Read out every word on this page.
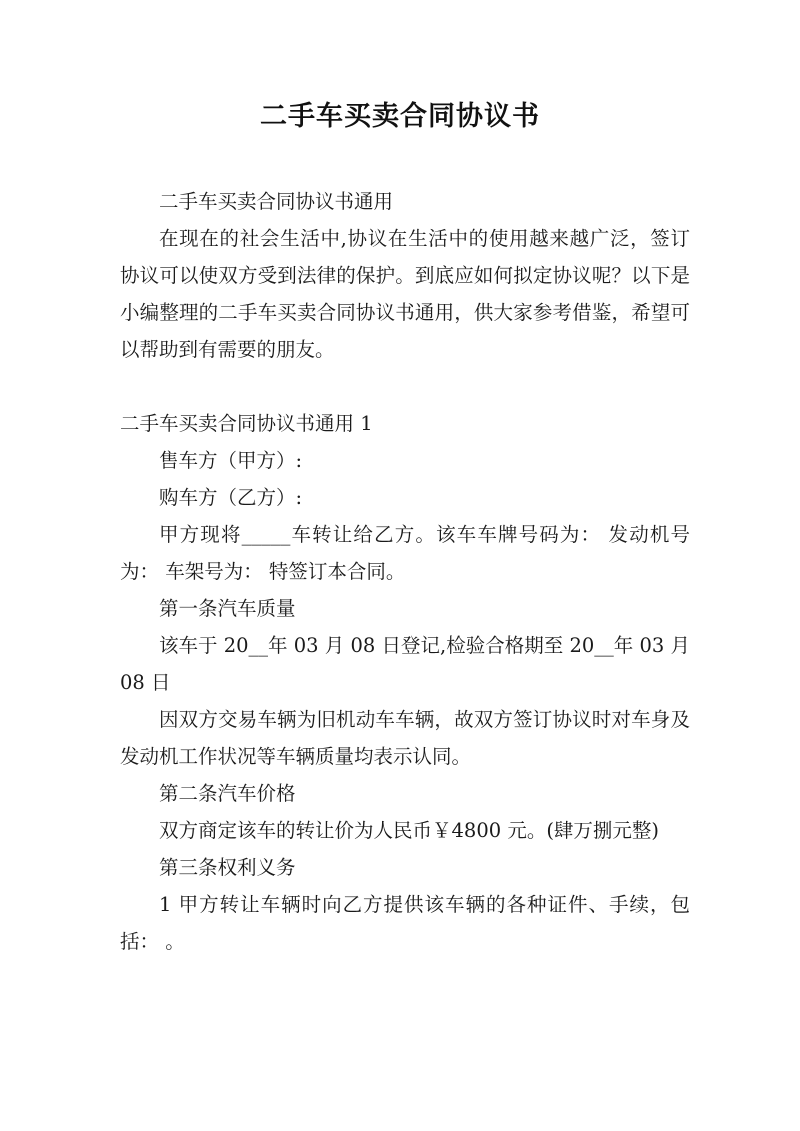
二手车买卖合同协议书

二手车买卖合同协议书通用

在现在的社会生活中,协议在生活中的使用越来越广泛，签订协议可以使双方受到法律的保护。到底应如何拟定协议呢？以下是小编整理的二手车买卖合同协议书通用，供大家参考借鉴，希望可以帮助到有需要的朋友。

二手车买卖合同协议书通用 1

售车方（甲方）:

购车方（乙方）:

甲方现将_____车转让给乙方。该车车牌号码为： 发动机号为： 车架号为： 特签订本合同。

第一条汽车质量

该车于 20__年 03 月 08 日登记,检验合格期至 20__年 03 月 08 日

因双方交易车辆为旧机动车车辆，故双方签订协议时对车身及发动机工作状况等车辆质量均表示认同。

第二条汽车价格

双方商定该车的转让价为人民币￥4800 元。(肆万捌元整)

第三条权利义务

1 甲方转让车辆时向乙方提供该车辆的各种证件、手续，包括： 。
